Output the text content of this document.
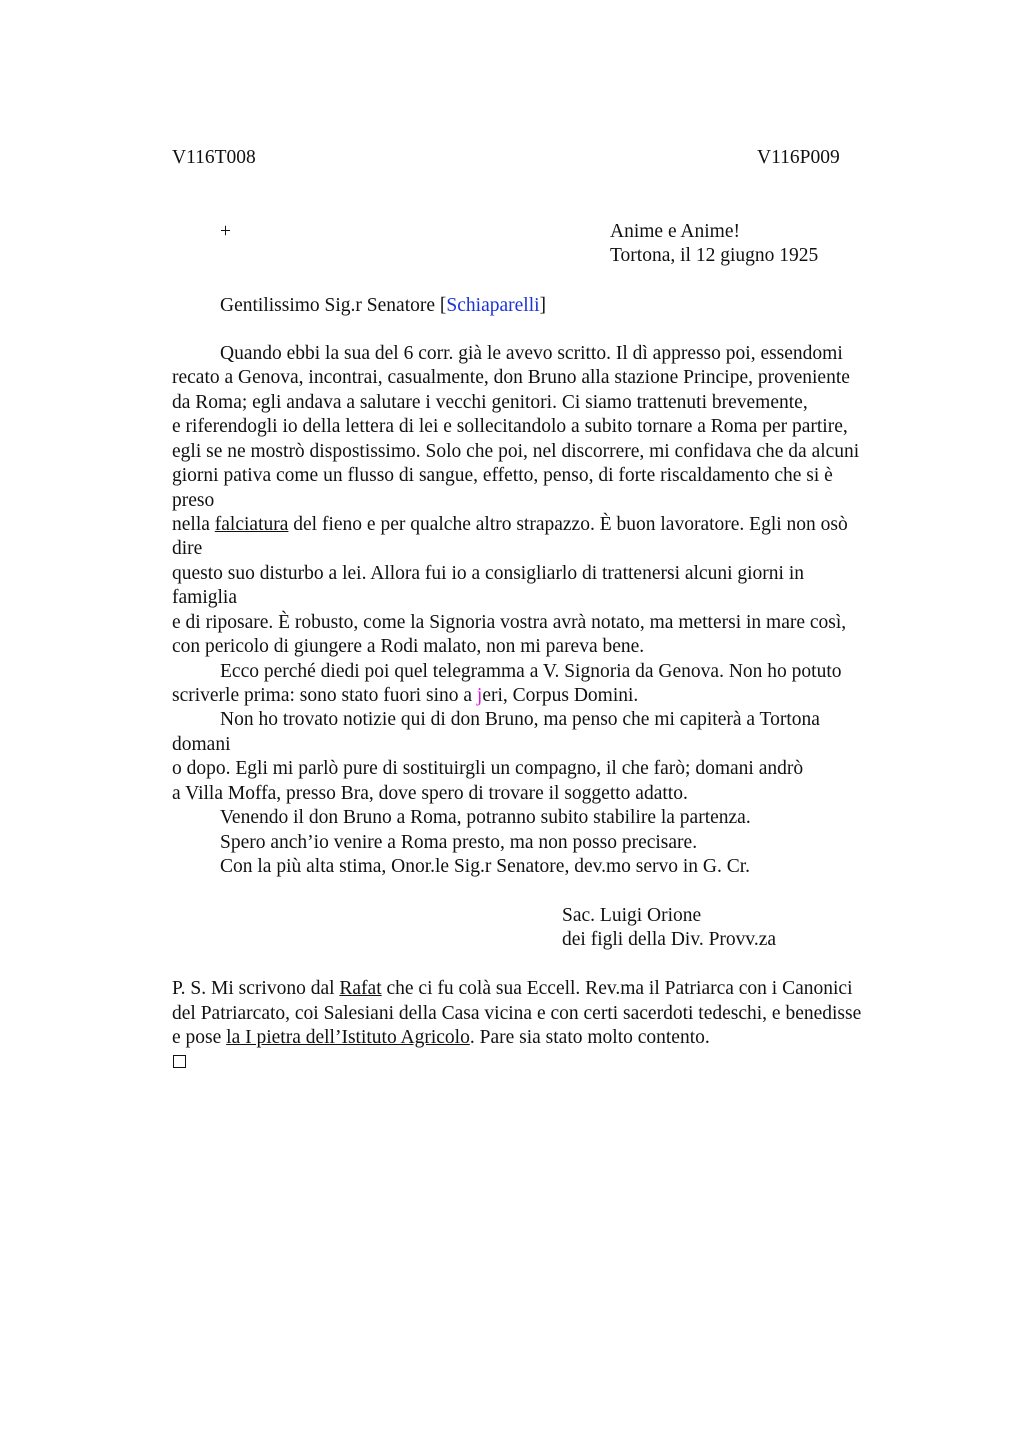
V116T008	V116P009
+	Anime e Anime!
Tortona, il 12 giugno 1925
Gentilissimo Sig.r Senatore [Schiaparelli]
Quando ebbi la sua del 6 corr. già le avevo scritto. Il dì appresso poi, essendomi
recato a Genova, incontrai, casualmente, don Bruno alla stazione Principe, proveniente
da Roma; egli andava a salutare i vecchi genitori. Ci siamo trattenuti brevemente,
e riferendogli io della lettera di lei e sollecitandolo a subito tornare a Roma per partire,
egli se ne mostrò dispostissimo. Solo che poi, nel discorrere, mi confidava che da alcuni
giorni pativa come un flusso di sangue, effetto, penso, di forte riscaldamento che si è
preso
nella falciatura del fieno e per qualche altro strapazzo. È buon lavoratore. Egli non osò
dire
questo suo disturbo a lei. Allora fui io a consigliarlo di trattenersi alcuni giorni in
famiglia
e di riposare. È robusto, come la Signoria vostra avrà notato, ma mettersi in mare così,
con pericolo di giungere a Rodi malato, non mi pareva bene.
Ecco perché diedi poi quel telegramma a V. Signoria da Genova. Non ho potuto
scriverle prima: sono stato fuori sino a jeri, Corpus Domini.
Non ho trovato notizie qui di don Bruno, ma penso che mi capiterà a Tortona
domani
o dopo. Egli mi parlò pure di sostituirgli un compagno, il che farò; domani andrò
a Villa Moffa, presso Bra, dove spero di trovare il soggetto adatto.
Venendo il don Bruno a Roma, potranno subito stabilire la partenza.
Spero anch’io venire a Roma presto, ma non posso precisare.
Con la più alta stima, Onor.le Sig.r Senatore, dev.mo servo in G. Cr.
Sac. Luigi Orione
dei figli della Div. Provv.za
P. S. Mi scrivono dal Rafat che ci fu colà sua Eccell. Rev.ma il Patriarca con i Canonici
del Patriarcato, coi Salesiani della Casa vicina e con certi sacerdoti tedeschi, e benedisse
e pose la I pietra dell’Istituto Agricolo. Pare sia stato molto contento.
